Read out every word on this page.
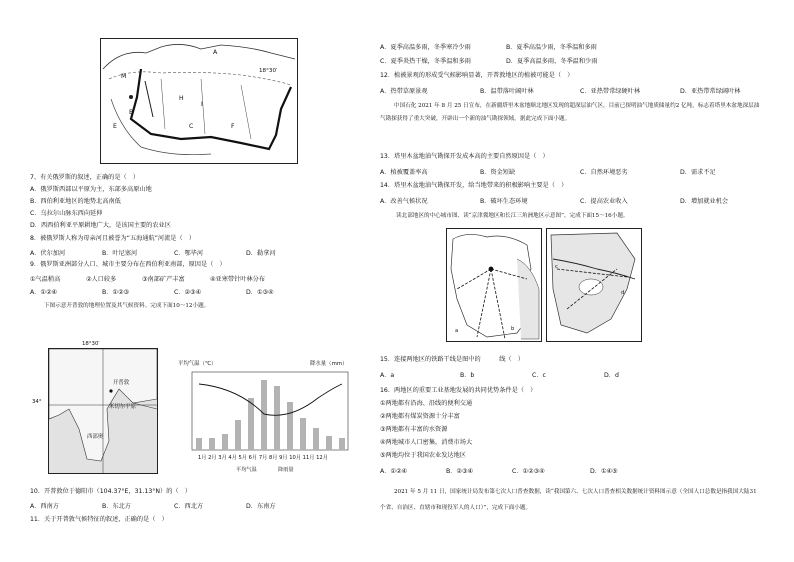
A
18°30′
M
B
E
H
I
F
C
7、有关俄罗斯的叙述，正确的是（　）
A．俄罗斯西部以平原为主，东部多高原山地
B．西伯利亚地区的地势北高南低
C．乌拉尔山脉东西向延伸
D．西西伯利亚平原耕地广大，是该国主要的农业区
8．被俄罗斯人称为母亲河且被誉为“五海通航”河流是（　）
A．伏尔加河	B．叶尼塞河	C．鄂毕河	D．勒拿河
9．俄罗斯亚洲部分人口、城市主要分布在西伯利亚南部，原因是（　）
①气温稍高	②人口较多	③南部矿产丰富	④亚寒带针叶林分布
A．①②④	B．①②③	C．②③④	D．①③④
下图示意开普敦的地理位置及其气候资料。完成下面10～12小题。
开普敦
米切尔平原
西部奥
18°30′
34°
平均气温（℃）	降水量（mm）
1月 2月 3月 4月 5月 6月 7月 8月 9月 10月 11月 12月
平均气温	降雨量
10．开普敦位于德阳市（104.37°E，31.13°N）的（　）
A．西南方	B．东北方	C．西北方	D．东南方
11．关于开普敦气候特征的叙述，正确的是（　）
A．夏季高温多雨，冬季寒冷少雨	B．夏季高温少雨，冬季温和多雨
C．夏季炎热干燥，冬季温和多雨	D．夏季高温多雨，冬季温和少雨
12．植被景观的形成受气候影响显著，开普敦地区的植被可能是（　）
A．热带草原景观	B．温带落叶阔叶林	C．亚热带常绿硬叶林	D．亚热带常绿阔叶林
中国石化 2021 年 8 月 25 日宣布，在新疆塔里木盆地顺北地区发现的超深层油气区，目前已探明油气地质储量约2 亿吨，标志着塔里木盆地深层油气勘探获得了重大突破，开辟出一个新的油气勘探领域。据此完成下面小题。
13．塔里木盆地油气勘探开发成本高的主要自然原因是（　）
A．植被覆盖率高	B．资金短缺	C．自然环境恶劣	D．需求不足
14．塔里木盆地油气勘探开发，给当地带来的积极影响主要是（　）
A．改善气候状况	B．破坏生态环境	C．提高农业收入	D．增加就业机会
读北部地区的中心城市图、读“京津冀地区和长江三角洲地区示意图”，完成下面15～16小题。
a	b
c
d
15．连接两地区的铁路干线是图中的　　　线（　）
A．a	B．b	C．c	D．d
16．两地区的重要工业基地发展的共同优势条件是（　）
①两地都有沿海、沿线的便利交通
②两地都有煤炭资源十分丰富
③两地都有丰富的水资源
④两地城市人口密集，消费市场大
⑤两地均位于我国农业发达地区
A．①②④	B．②③④	C．①②③④	D．①④⑤
2021 年 5 月 11 日，国家统计局发布第七次人口普查数据，读“我国第六、七次人口普查相关数据统计资料图示意（全国人口总数是指我国大陆31个省、自治区、直辖市和现役军人的人口）”，完成下面小题。
